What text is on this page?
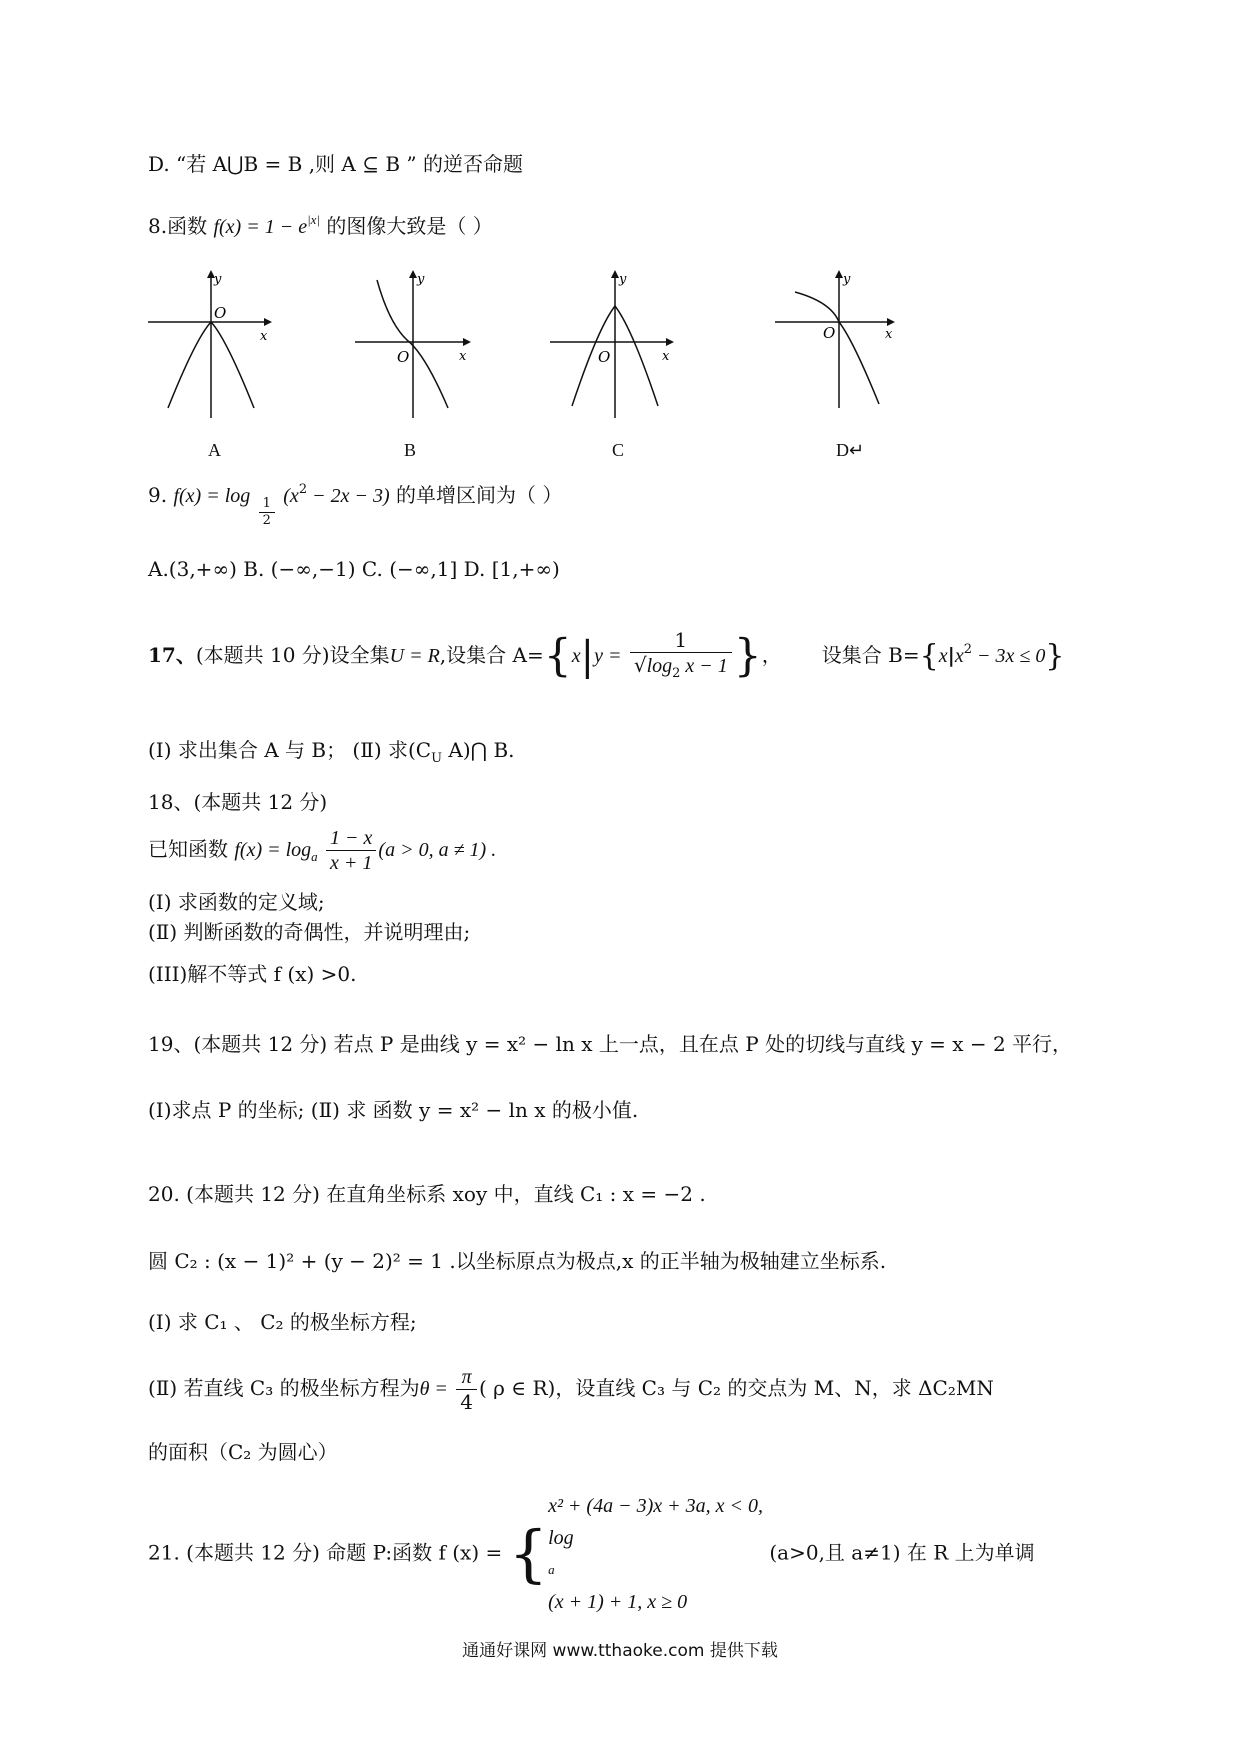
D. “若 A⋃B = B ,则 A ⊆ B ” 的逆否命题
8.函数 $f(x) = 1 - e^{|x|}$ 的图像大致是（ ）
y
x
O
A
y
x
O
B
y
x
O
C
y
x
O
D↵
9. $f(x) = \log \frac{1}{2} (x^2 - 2x - 3)$ 的单增区间为（ ）
A.(3,+∞) B. (−∞,−1) C. (−∞,1] D. [1,+∞)
17、(本题共 10 分)设全集U = R,设集合 $A=\{x|y = \frac{1}{√\log_2 x - 1}$ }， 设集合 $B=\{x|x^2 - 3x \le 0\}$
(Ⅰ) 求出集合 A 与 B； (Ⅱ) 求($C_U$ A)⋂ B.
18、(本题共 12 分)
已知函数 $f(x) = \log_a \frac{1 - x}{x + 1} (a > 0$, a ≠ 1) .
(Ⅰ) 求函数的定义域;
(Ⅱ) 判断函数的奇偶性，并说明理由;
(III)解不等式 f (x) >0.
19、(本题共 12 分) 若点 P 是曲线 y = x² − ln x 上一点，且在点 P 处的切线与直线 y = x − 2 平行，
(I)求点 P 的坐标; (Ⅱ) 求 函数 y = x² − ln x 的极小值.
20. (本题共 12 分) 在直角坐标系 xoy 中，直线 C₁ : x = −2 .
圆 C₂ : (x − 1)² + (y − 2)² = 1 .以坐标原点为极点,x 的正半轴为极轴建立坐标系.
(Ⅰ) 求 C₁ 、 C₂ 的极坐标方程;
(Ⅱ) 若直线 C₃ 的极坐标方程为$\theta = \frac{\pi}{4}$ ( ρ ∈ R)，设直线 C₃ 与 C₂ 的交点为 M、N，求 ΔC₂MN
的面积（C₂ 为圆心）
21. (本题共 12 分) 命题 P:函数 f (x) = {
x² + (4a − 3)x + 3a, x < 0,
log
a
(x + 1) + 1, x ≥ 0
(a>0,且 a≠1) 在 R 上为单调
通通好课网 www.tthaoke.com 提供下载
